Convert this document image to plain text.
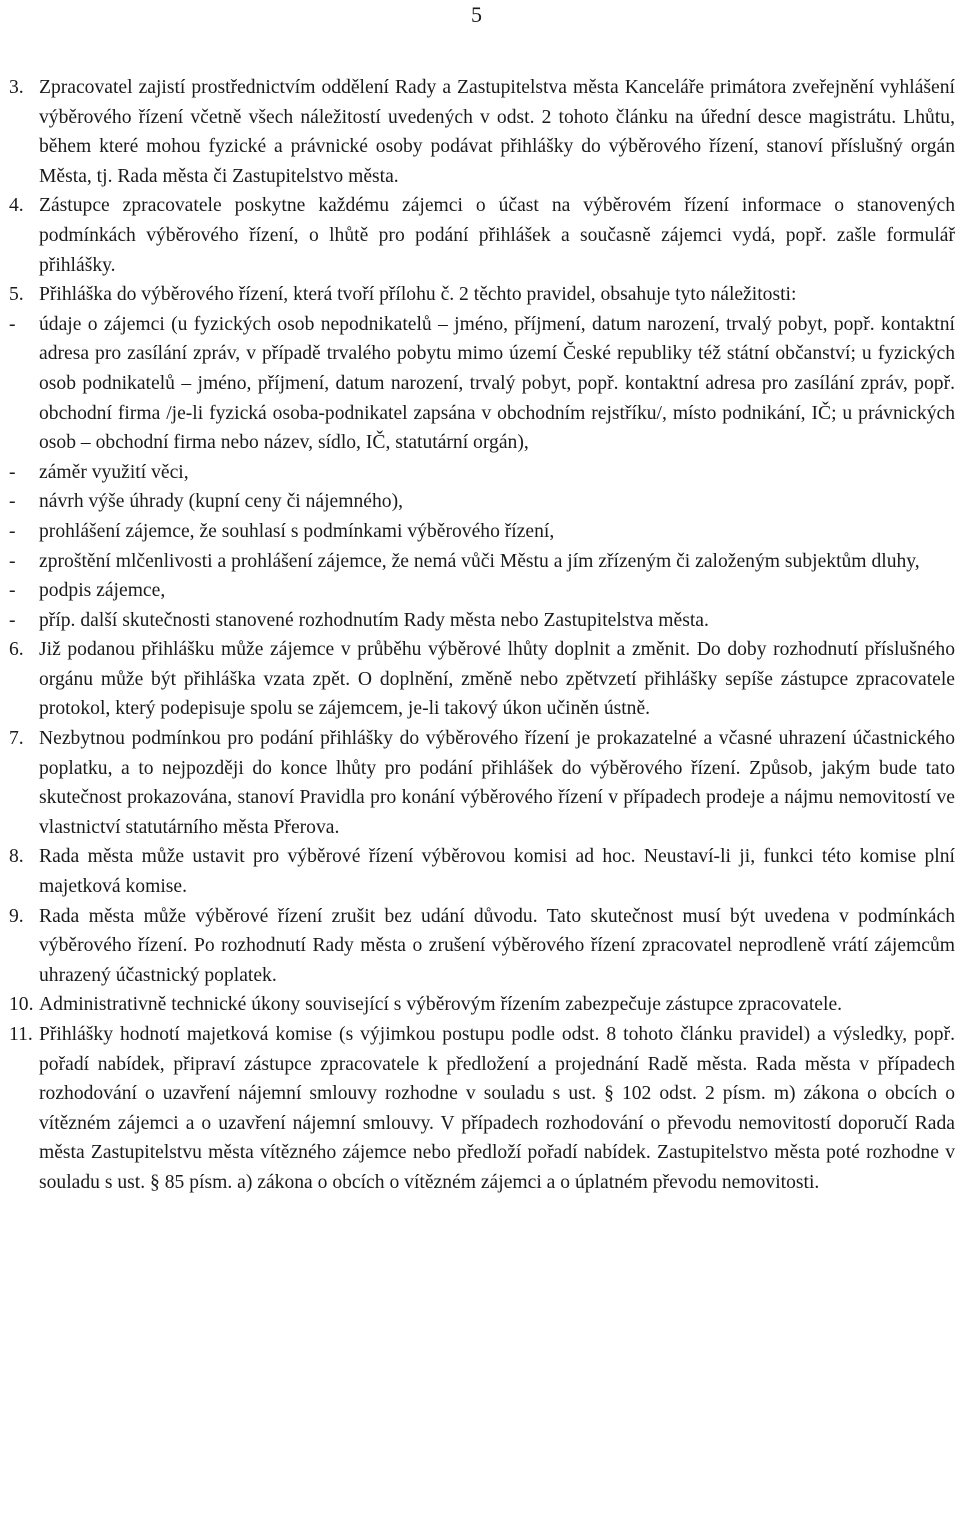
5
3. Zpracovatel zajistí prostřednictvím oddělení Rady a Zastupitelstva města Kanceláře primátora zveřejnění vyhlášení výběrového řízení včetně všech náležitostí uvedených v odst. 2 tohoto článku na úřední desce magistrátu. Lhůtu, během které mohou fyzické a právnické osoby podávat přihlášky do výběrového řízení, stanoví příslušný orgán Města, tj. Rada města či Zastupitelstvo města.

4. Zástupce zpracovatele poskytne každému zájemci o účast na výběrovém řízení informace o stanovených podmínkách výběrového řízení, o lhůtě pro podání přihlášek a současně zájemci vydá, popř. zašle formulář přihlášky.

5. Přihláška do výběrového řízení, která tvoří přílohu č. 2 těchto pravidel, obsahuje tyto náležitosti:

- údaje o zájemci (u fyzických osob nepodnikatelů – jméno, příjmení, datum narození, trvalý pobyt, popř. kontaktní adresa pro zasílání zpráv, v případě trvalého pobytu mimo území České republiky též státní občanství; u fyzických osob podnikatelů – jméno, příjmení, datum narození, trvalý pobyt, popř. kontaktní adresa pro zasílání zpráv, popř. obchodní firma /je-li fyzická osoba-podnikatel zapsána v obchodním rejstříku/, místo podnikání, IČ; u právnických osob – obchodní firma nebo název, sídlo, IČ, statutární orgán),

- záměr využití věci,

- návrh výše úhrady (kupní ceny či nájemného),

- prohlášení zájemce, že souhlasí s podmínkami výběrového řízení,

- zproštění mlčenlivosti a prohlášení zájemce, že nemá vůči Městu a jím zřízeným či založeným subjektům dluhy,

- podpis zájemce,

- příp. další skutečnosti stanovené rozhodnutím Rady města nebo Zastupitelstva města.

6. Již podanou přihlášku může zájemce v průběhu výběrové lhůty doplnit a změnit. Do doby rozhodnutí příslušného orgánu může být přihláška vzata zpět. O doplnění, změně nebo zpětvzetí přihlášky sepíše zástupce zpracovatele protokol, který podepisuje spolu se zájemcem, je-li takový úkon učiněn ústně.

7. Nezbytnou podmínkou pro podání přihlášky do výběrového řízení je prokazatelné a včasné uhrazení účastnického poplatku, a to nejpozději do konce lhůty pro podání přihlášek do výběrového řízení. Způsob, jakým bude tato skutečnost prokazována, stanoví Pravidla pro konání výběrového řízení v případech prodeje a nájmu nemovitostí ve vlastnictví statutárního města Přerova.

8. Rada města může ustavit pro výběrové řízení výběrovou komisi ad hoc. Neustaví-li ji, funkci této komise plní majetková komise.

9. Rada města může výběrové řízení zrušit bez udání důvodu. Tato skutečnost musí být uvedena v podmínkách výběrového řízení. Po rozhodnutí Rady města o zrušení výběrového řízení zpracovatel neprodleně vrátí zájemcům uhrazený účastnický poplatek.

10. Administrativně technické úkony související s výběrovým řízením zabezpečuje zástupce zpracovatele.

11. Přihlášky hodnotí majetková komise (s výjimkou postupu podle odst. 8 tohoto článku pravidel) a výsledky, popř. pořadí nabídek, připraví zástupce zpracovatele k předložení a projednání Radě města. Rada města v případech rozhodování o uzavření nájemní smlouvy rozhodne v souladu s ust. § 102 odst. 2 písm. m) zákona o obcích o vítězném zájemci a o uzavření nájemní smlouvy. V případech rozhodování o převodu nemovitostí doporučí Rada města Zastupitelstvu města vítězného zájemce nebo předloží pořadí nabídek. Zastupitelstvo města poté rozhodne v souladu s ust. § 85 písm. a) zákona o obcích o vítězném zájemci a o úplatném převodu nemovitosti.
